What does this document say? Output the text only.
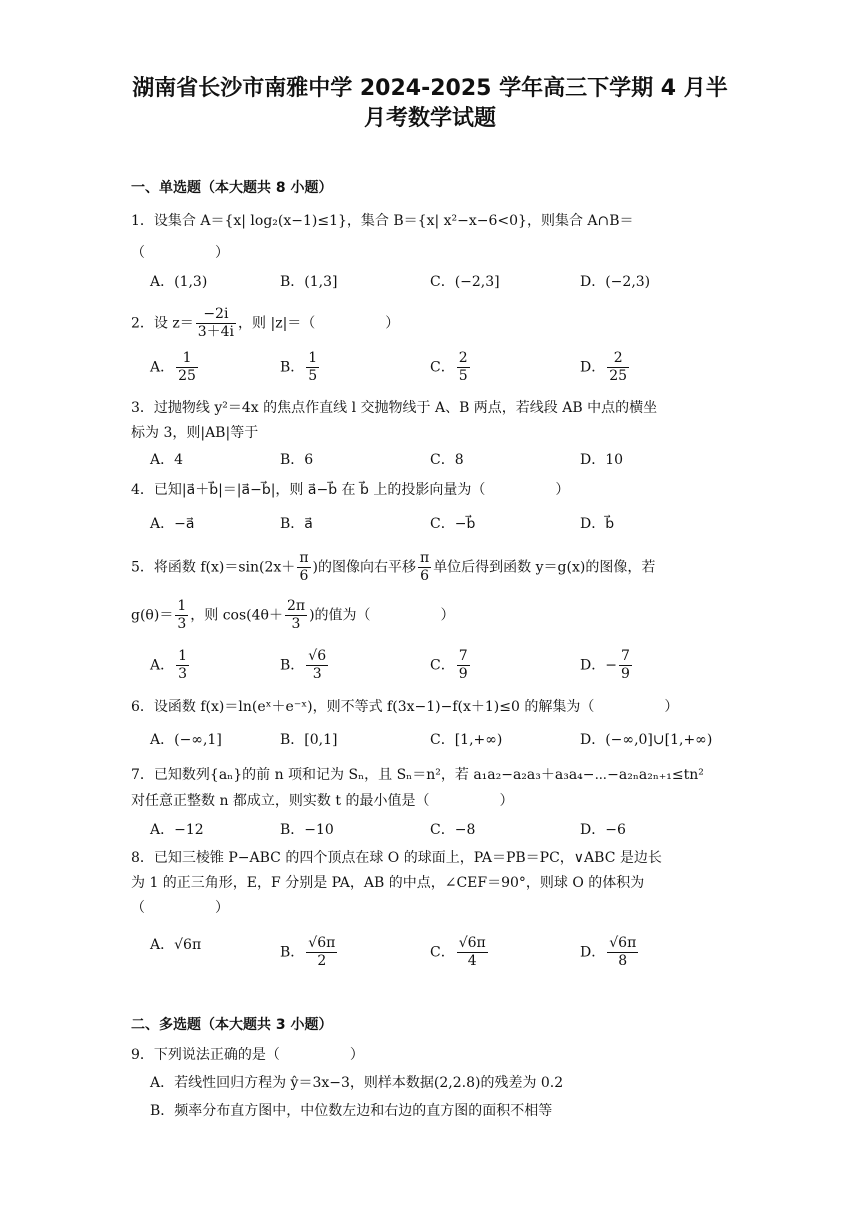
湖南省长沙市南雅中学 2024-2025 学年高三下学期 4 月半
月考数学试题
一、单选题（本大题共 8 小题）
1．设集合 A＝{x| log₂(x−1)≤1}，集合 B＝{x| x²−x−6<0}，则集合 A∩B＝
（　　　　　）
A．(1,3)	B．(1,3]	C．(−2,3]	D．(−2,3)
2．设 $z= \frac{-2i}{3+4i}$ ，则 |z|＝（　　　　　）
A． $\frac{1}{25}$	B． $\frac{1}{5}$	C． $\frac{2}{5}$	D． $\frac{2}{25}$
3．过抛物线 y²＝4x 的焦点作直线 l 交抛物线于 A、B 两点，若线段 AB 中点的横坐
标为 3，则|AB|等于
A．4	B．6	C．8	D．10
4．已知|a⃗＋b⃗|＝|a⃗−b⃗|，则 a⃗−b⃗ 在 b⃗ 上的投影向量为（　　　　　）
A．−a⃗	B．a⃗	C．−b⃗	D．b⃗
5．将函数 $f(x)=\sin(2x+ \frac{\pi}{6}$ )的图像向右平移 $\frac{\pi}{6}$ 单位后得到函数 y＝g(x)的图像，若
$g(\theta)= \frac{1}{3}$ ，则 $\cos(4\theta+ \frac{2\pi}{3}$ )的值为（　　　　　）
A． $\frac{1}{3}$	B． $\frac{√6}{3}$	C． $\frac{7}{9}$	D．− $\frac{7}{9}$
6．设函数 f(x)＝ln(eˣ＋e⁻ˣ)，则不等式 f(3x−1)−f(x＋1)≤0 的解集为（　　　　　）
A．(−∞,1]	B．[0,1]	C．[1,+∞)	D．(−∞,0]∪[1,+∞)
7．已知数列{aₙ}的前 n 项和记为 Sₙ，且 Sₙ＝n²，若 a₁a₂−a₂a₃＋a₃a₄−⋯−a₂ₙa₂ₙ₊₁≤tn²
对任意正整数 n 都成立，则实数 t 的最小值是（　　　　　）
A．−12	B．−10	C．−8	D．−6
8．已知三棱锥 P−ABC 的四个顶点在球 O 的球面上，PA＝PB＝PC，∨ABC 是边长
为 1 的正三角形，E，F 分别是 PA，AB 的中点，∠CEF＝90°，则球 O 的体积为
（　　　　　）
A．√6π	B． $\frac{√6\pi}{2}$	C． $\frac{√6\pi}{4}$	D． $\frac{√6\pi}{8}$
二、多选题（本大题共 3 小题）
9．下列说法正确的是（　　　　　）
A．若线性回归方程为 ŷ＝3x−3，则样本数据(2,2.8)的残差为 0.2
B．频率分布直方图中，中位数左边和右边的直方图的面积不相等
